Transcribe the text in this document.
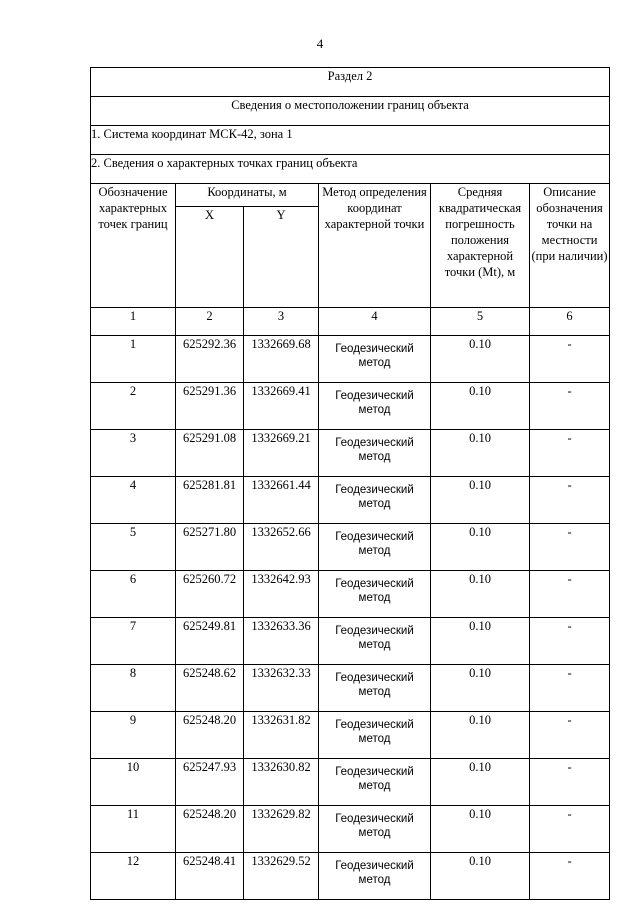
4
Раздел 2					
Сведения о местоположении границ объекта					
1. Система координат МСК-42, зона 1					
2. Сведения о характерных точках границ объекта					
Обозначение характерных точек границ	Координаты, м		Метод определения координат характерной точки	Средняя квадратическая погрешность положения характерной точки (Mt), м	Описание обозначения точки на местности (при наличии)
	X	Y			
1	2	3	4	5	6
1	625292.36	1332669.68	Геодезический метод	0.10	-
2	625291.36	1332669.41	Геодезический метод	0.10	-
3	625291.08	1332669.21	Геодезический метод	0.10	-
4	625281.81	1332661.44	Геодезический метод	0.10	-
5	625271.80	1332652.66	Геодезический метод	0.10	-
6	625260.72	1332642.93	Геодезический метод	0.10	-
7	625249.81	1332633.36	Геодезический метод	0.10	-
8	625248.62	1332632.33	Геодезический метод	0.10	-
9	625248.20	1332631.82	Геодезический метод	0.10	-
10	625247.93	1332630.82	Геодезический метод	0.10	-
11	625248.20	1332629.82	Геодезический метод	0.10	-
12	625248.41	1332629.52	Геодезический метод	0.10	-
